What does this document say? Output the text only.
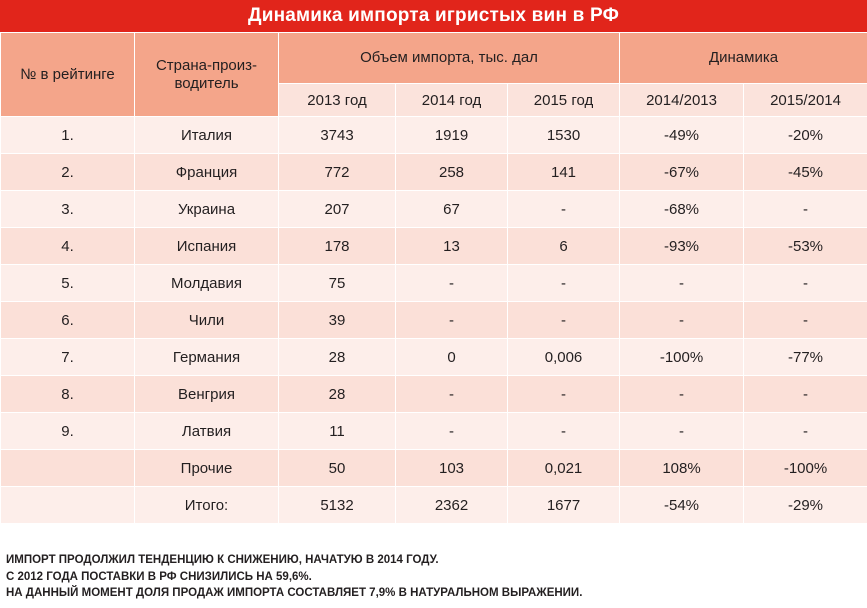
Динамика импорта игристых вин в РФ
№ в рейтинге	Страна-произ-водитель	Объем импорта, тыс. дал			Динамика	
		2013 год	2014 год	2015 год	2014/2013	2015/2014
1.	Италия	3743	1919	1530	-49%	-20%
2.	Франция	772	258	141	-67%	-45%
3.	Украина	207	67	-	-68%	-
4.	Испания	178	13	6	-93%	-53%
5.	Молдавия	75	-	-	-	-
6.	Чили	39	-	-	-	-
7.	Германия	28	0	0,006	-100%	-77%
8.	Венгрия	28	-	-	-	-
9.	Латвия	11	-	-	-	-
	Прочие	50	103	0,021	108%	-100%
	Итого:	5132	2362	1677	-54%	-29%
ИМПОРТ ПРОДОЛЖИЛ ТЕНДЕНЦИЮ К СНИЖЕНИЮ, НАЧАТУЮ В 2014 ГОДУ.
С 2012 ГОДА ПОСТАВКИ В РФ СНИЗИЛИСЬ НА 59,6%.
НА ДАННЫЙ МОМЕНТ ДОЛЯ ПРОДАЖ ИМПОРТА СОСТАВЛЯЕТ 7,9% В НАТУРАЛЬНОМ ВЫРАЖЕНИИ.
